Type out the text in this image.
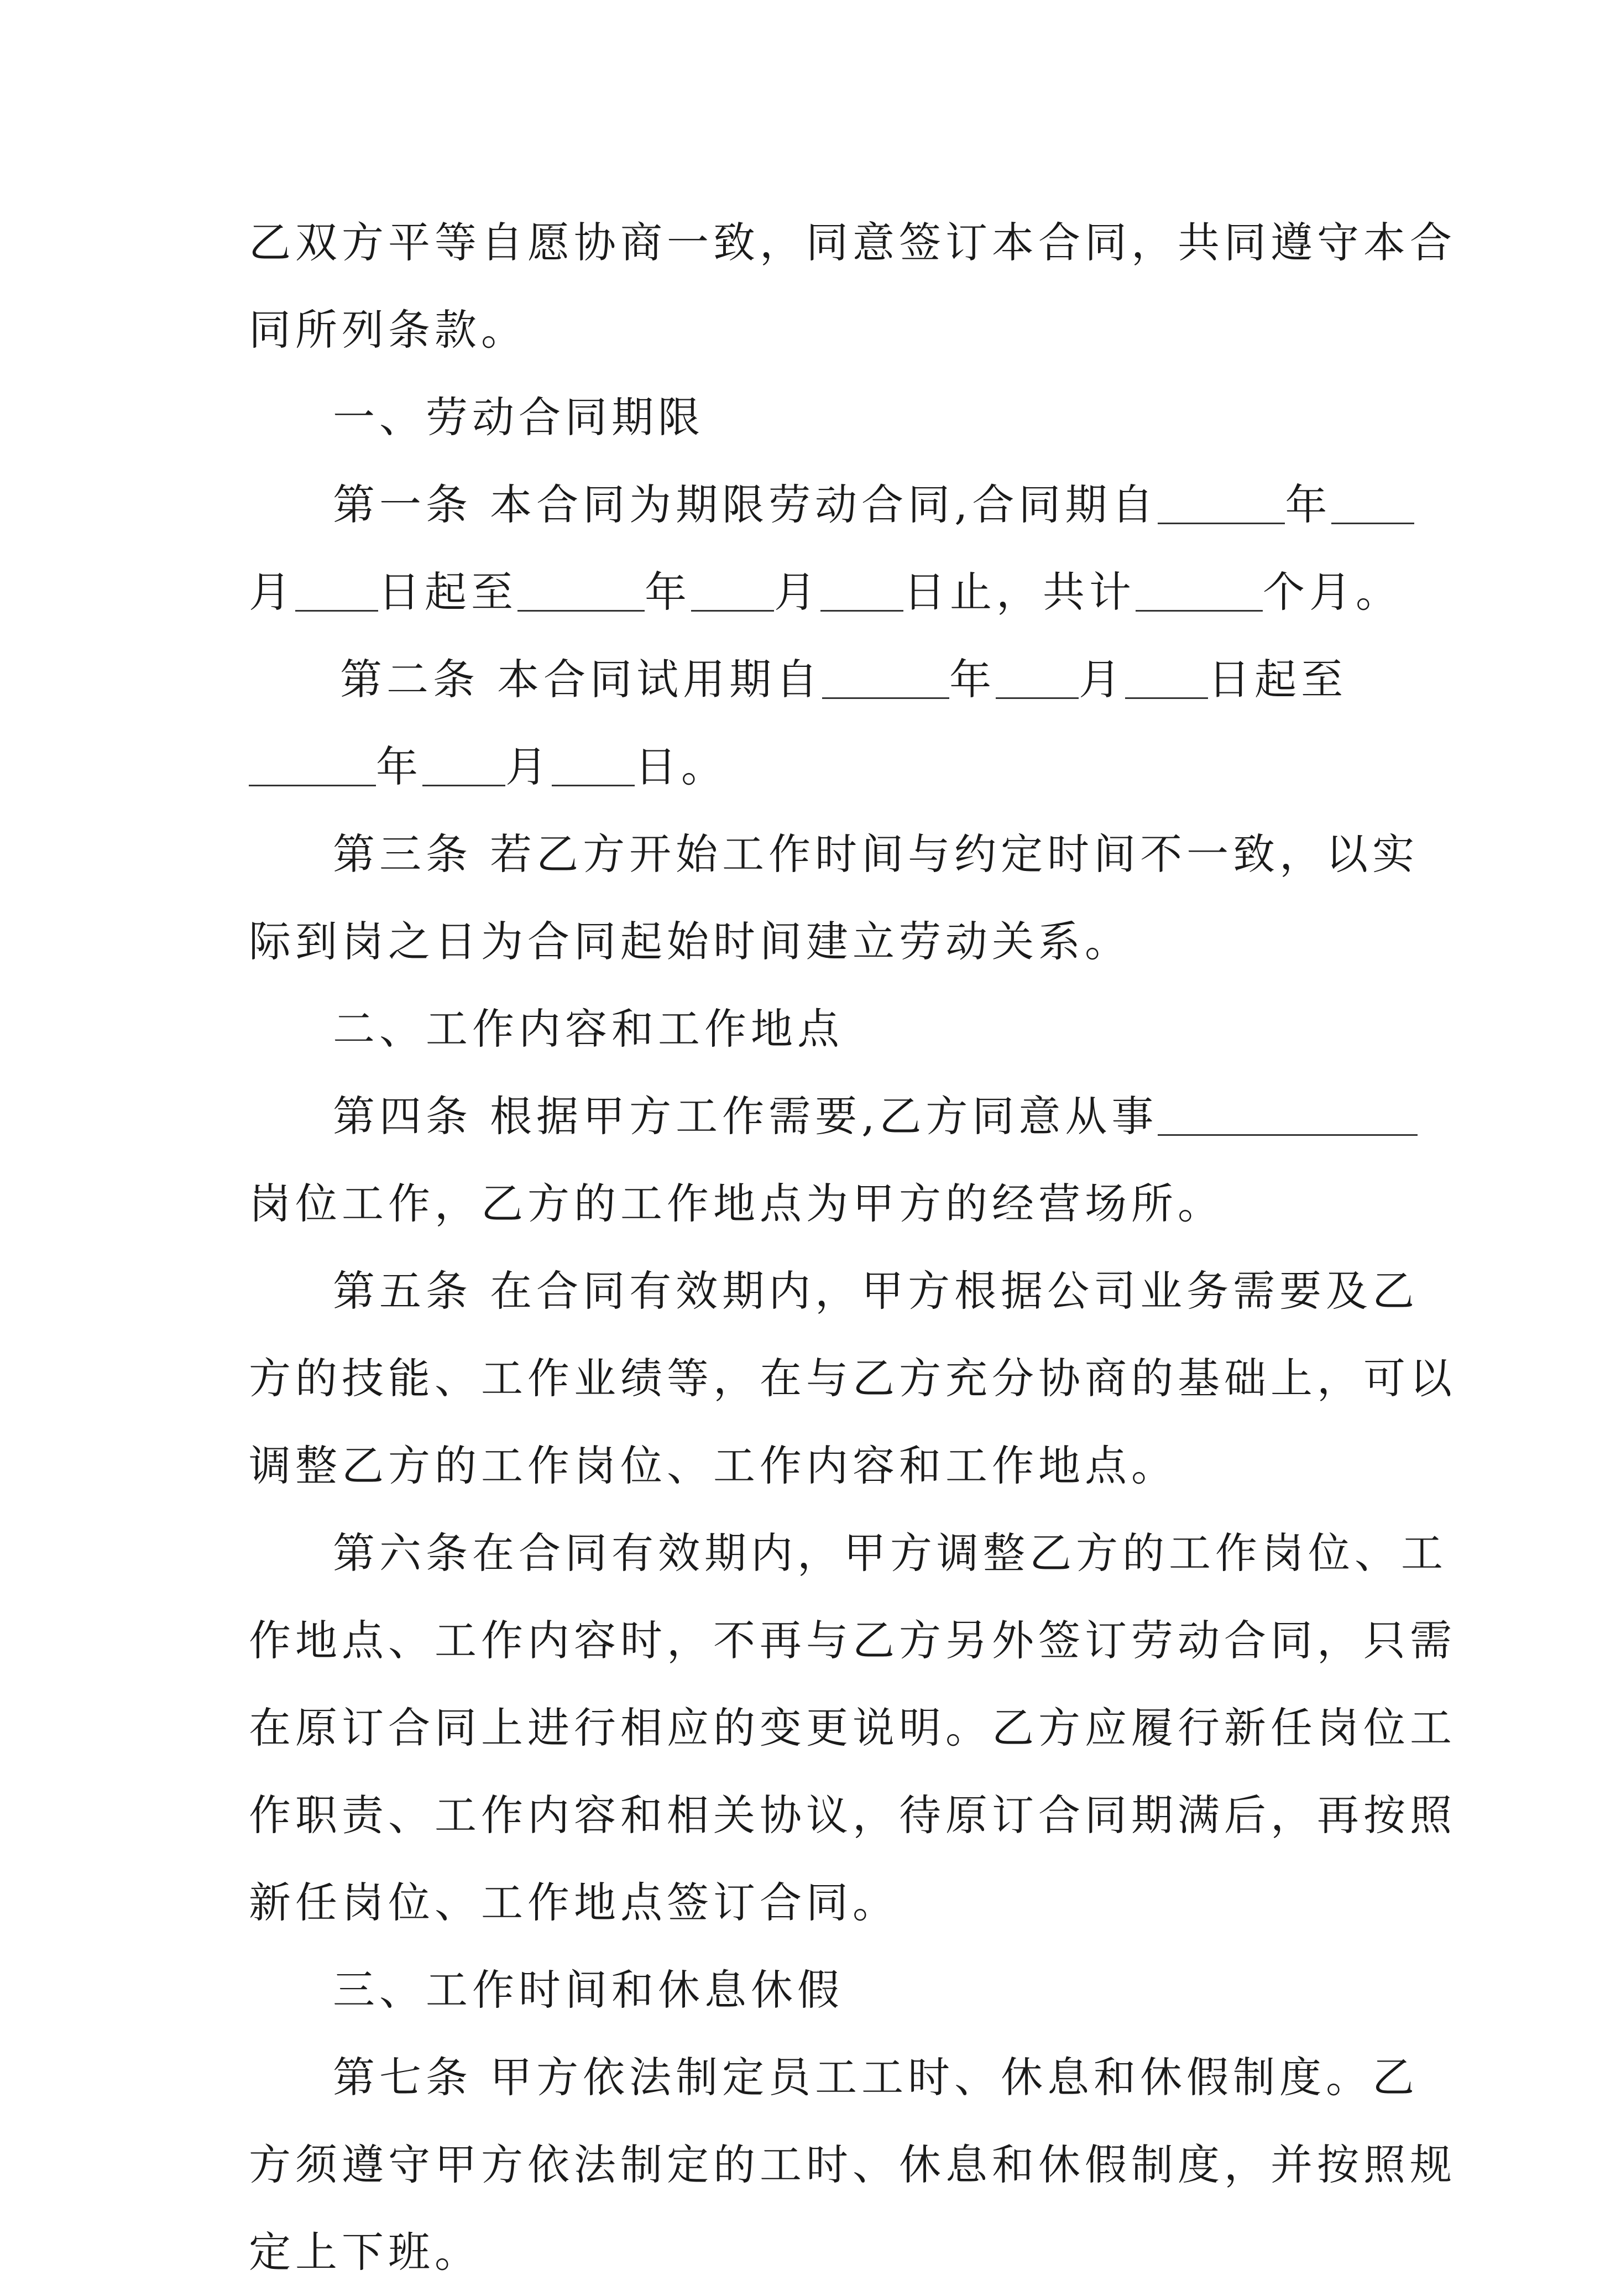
乙双方平等自愿协商一致，同意签订本合同，共同遵守本合
同所列条款。
一、劳动合同期限
第一条 本合同为期限劳动合同,合同期自	年
月 日起至	年 月 日止，共计	个月。
第二条 本合同试用期自	年 月 日起至
年 月 日。
第三条 若乙方开始工作时间与约定时间不一致，以实
际到岗之日为合同起始时间建立劳动关系。
二、工作内容和工作地点
第四条 根据甲方工作需要,乙方同意从事
岗位工作，乙方的工作地点为甲方的经营场所。
第五条 在合同有效期内，甲方根据公司业务需要及乙
方的技能、工作业绩等，在与乙方充分协商的基础上，可以
调整乙方的工作岗位、工作内容和工作地点。
第六条在合同有效期内，甲方调整乙方的工作岗位、工
作地点、工作内容时，不再与乙方另外签订劳动合同，只需
在原订合同上进行相应的变更说明。乙方应履行新任岗位工
作职责、工作内容和相关协议，待原订合同期满后，再按照
新任岗位、工作地点签订合同。
三、工作时间和休息休假
第七条 甲方依法制定员工工时、休息和休假制度。乙
方须遵守甲方依法制定的工时、休息和休假制度，并按照规
定上下班。
